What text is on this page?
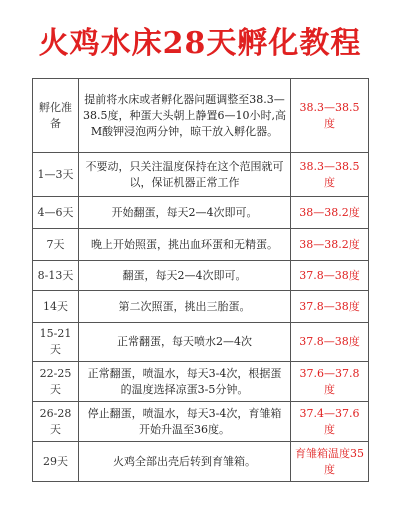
火鸡水床28天孵化教程
孵化准备	提前将水床或者孵化器问题调整至38.3—38.5度，种蛋大头朝上静置6—10小时,高M酸钾浸泡两分钟，晾干放入孵化器。	38.3—38.5度
1—3天	不要动，只关注温度保持在这个范围就可以，保证机器正常工作	38.3—38.5度
4—6天	开始翻蛋，每天2—4次即可。	38—38.2度
7天	晚上开始照蛋，挑出血环蛋和无精蛋。	38—38.2度
8-13天	翻蛋，每天2—4次即可。	37.8—38度
14天	第二次照蛋，挑出三胎蛋。	37.8—38度
15-21天	正常翻蛋，每天喷水2—4次	37.8—38度
22-25天	正常翻蛋，喷温水，每天3-4次，根据蛋的温度选择凉蛋3-5分钟。	37.6—37.8度
26-28天	停止翻蛋，喷温水，每天3-4次，育雏箱开始升温至36度。	37.4—37.6度
29天	火鸡全部出壳后转到育雏箱。	育雏箱温度35度
